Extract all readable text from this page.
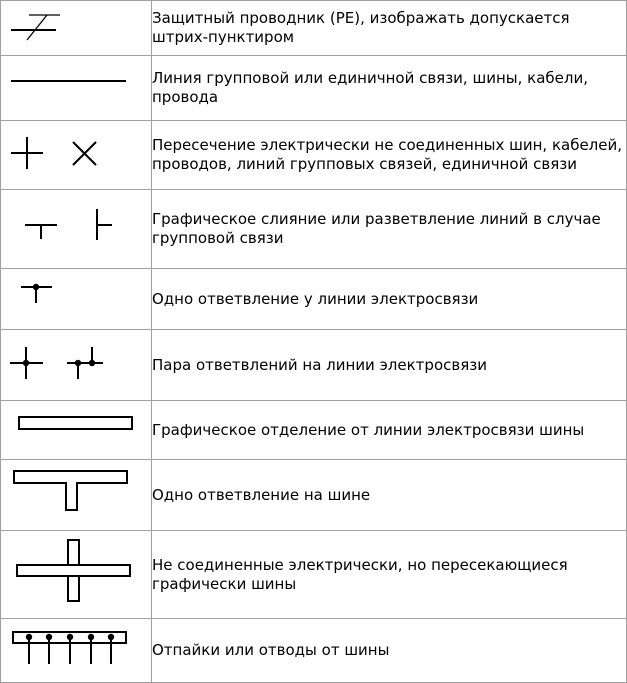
	Защитный проводник (PE), изображать допускается штрих-пунктиром

	Линия групповой или единичной связи, шины, кабели, провода

	Пересечение электрически не соединенных шин, кабелей, проводов, линий групповых связей, единичной связи

	Графическое слияние или разветвление линий в случае групповой связи

	Одно ответвление у линии электросвязи

	Пара ответвлений на линии электросвязи

	Графическое отделение от линии электросвязи шины

	Одно ответвление на шине

	Не соединенные электрически, но пересекающиеся графически шины

	Отпайки или отводы от шины
